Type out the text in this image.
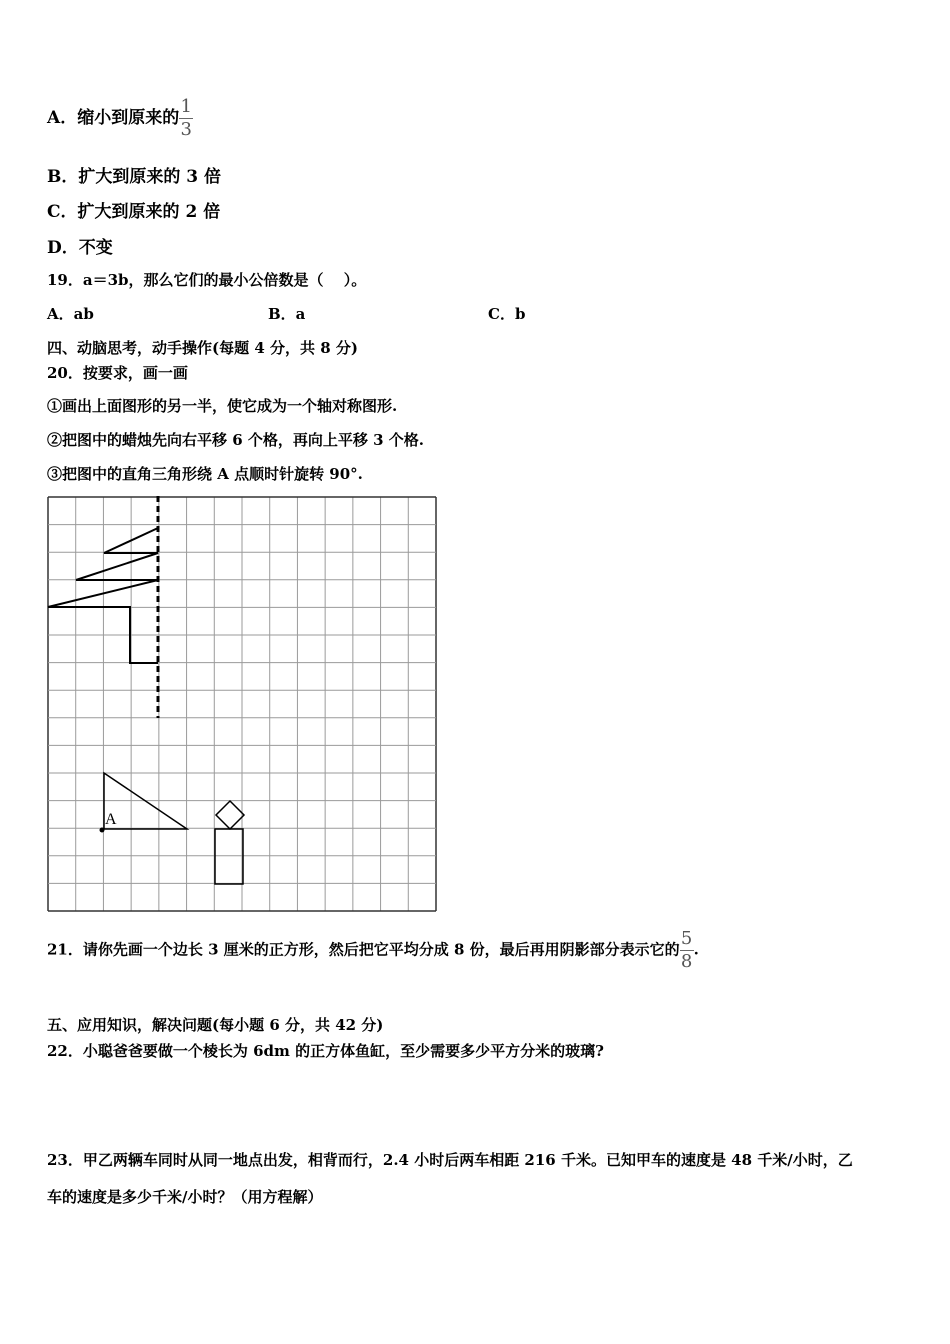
A．缩小到原来的 $\frac{1}{3}$
B．扩大到原来的 3 倍
C．扩大到原来的 2 倍
D．不变
19．a＝3b，那么它们的最小公倍数是（　 ）。
A．ab	B．a	C．b
四、动脑思考，动手操作(每题 4 分，共 8 分)
20．按要求，画一画
①画出上面图形的另一半，使它成为一个轴对称图形.
②把图中的蜡烛先向右平移 6 个格，再向上平移 3 个格.
③把图中的直角三角形绕 A 点顺时针旋转 90°.
A
21．请你先画一个边长 3 厘米的正方形，然后把它平均分成 8 份，最后再用阴影部分表示它的 $\frac{5}{8}$ .
五、应用知识，解决问题(每小题 6 分，共 42 分)
22．小聪爸爸要做一个棱长为 6dm 的正方体鱼缸，至少需要多少平方分米的玻璃?
23．甲乙两辆车同时从同一地点出发，相背而行，2.4 小时后两车相距 216 千米。已知甲车的速度是 48 千米/小时，乙
车的速度是多少千米/小时？（用方程解）
